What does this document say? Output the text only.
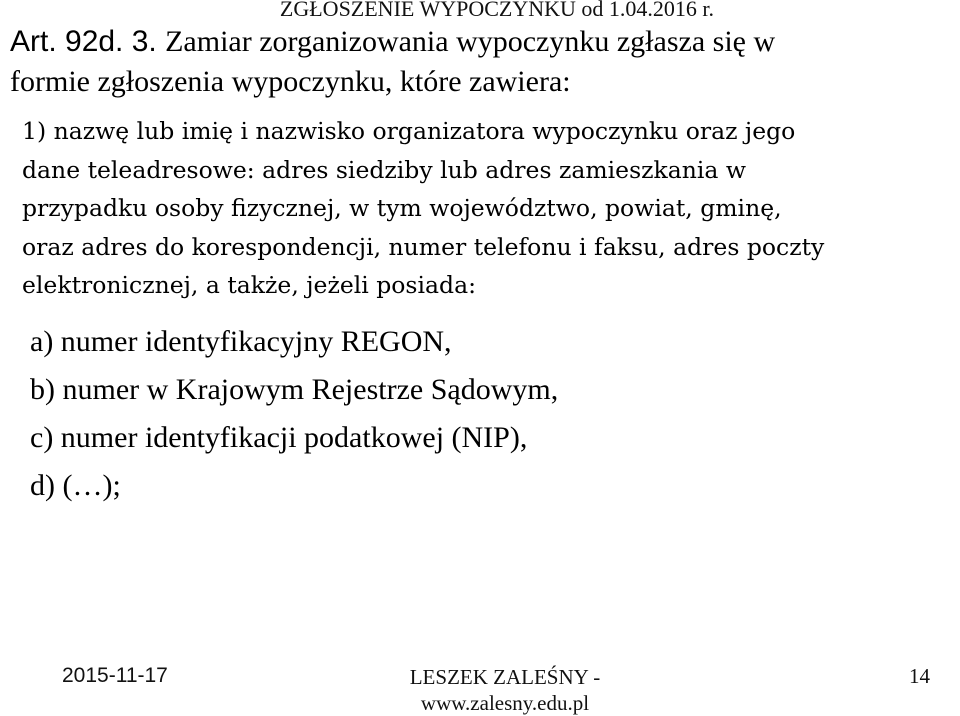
ZGŁOSZENIE WYPOCZYNKU od 1.04.2016 r.
Art. 92d. 3. Zamiar zorganizowania wypoczynku zgłasza się w
formie zgłoszenia wypoczynku, które zawiera:
1) nazwę lub imię i nazwisko organizatora wypoczynku oraz jego
dane teleadresowe: adres siedziby lub adres zamieszkania w
przypadku osoby fizycznej, w tym województwo, powiat, gminę,
oraz adres do korespondencji, numer telefonu i faksu, adres poczty
elektronicznej, a także, jeżeli posiada:
a) numer identyfikacyjny REGON,
b) numer w Krajowym Rejestrze Sądowym,
c) numer identyfikacji podatkowej (NIP),
d) (…);
2015-11-17	LESZEK ZALEŚNY -
www.zalesny.edu.pl
14
